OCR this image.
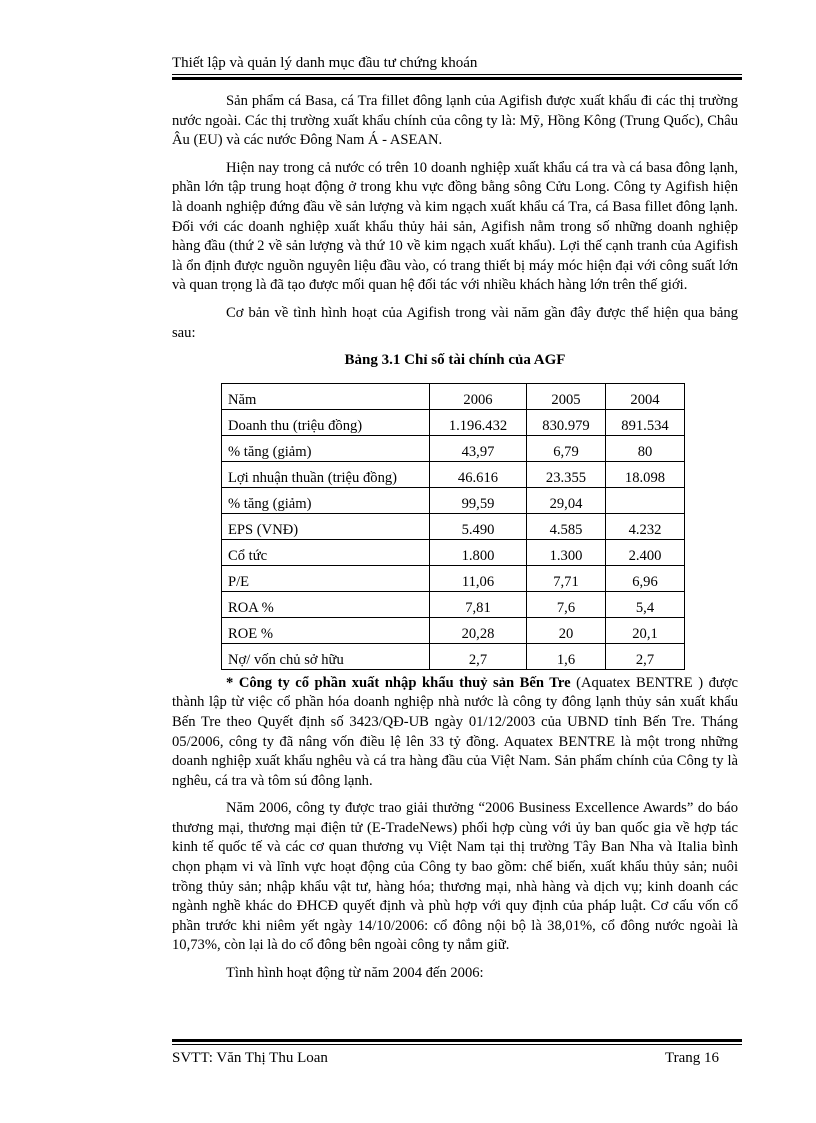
Thiết lập và quản lý danh mục đầu tư chứng khoán

Sản phẩm cá Basa, cá Tra fillet đông lạnh của Agifish được xuất khẩu đi các thị trường nước ngoài. Các thị trường xuất khẩu chính của công ty là: Mỹ, Hồng Kông (Trung Quốc), Châu Âu (EU) và các nước Đông Nam Á - ASEAN.

Hiện nay trong cả nước có trên 10 doanh nghiệp xuất khẩu cá tra và cá basa đông lạnh, phần lớn tập trung hoạt động ở trong khu vực đồng bằng sông Cửu Long. Công ty Agifish hiện là doanh nghiệp đứng đầu về sản lượng và kim ngạch xuất khẩu cá Tra, cá Basa fillet đông lạnh. Đối với các doanh nghiệp xuất khẩu thủy hải sản, Agifish nằm trong số những doanh nghiệp hàng đầu (thứ 2 về sản lượng và thứ 10 về kim ngạch xuất khẩu). Lợi thế cạnh tranh của Agifish là ổn định được nguồn nguyên liệu đầu vào, có trang thiết bị máy móc hiện đại với công suất lớn và quan trọng là đã tạo được mối quan hệ đối tác với nhiều khách hàng lớn trên thế giới.

Cơ bản về tình hình hoạt của Agifish trong vài năm gần đây được thể hiện qua bảng sau:

Bảng 3.1 Chỉ số tài chính của AGF
Năm	2006	2005	2004
Doanh thu (triệu đồng)	1.196.432	830.979	891.534
% tăng (giảm)	43,97	6,79	80
Lợi nhuận thuần (triệu đồng)	46.616	23.355	18.098
% tăng (giảm)	99,59	29,04	
EPS (VNĐ)	5.490	4.585	4.232
Cổ tức	1.800	1.300	2.400
P/E	11,06	7,71	6,96
ROA %	7,81	7,6	5,4
ROE %	20,28	20	20,1
Nợ/ vốn chủ sở hữu	2,7	1,6	2,7

* Công ty cổ phần xuất nhập khẩu thuỷ sản Bến Tre (Aquatex BENTRE ) được thành lập từ việc cổ phần hóa doanh nghiệp nhà nước là công ty đông lạnh thủy sản xuất khẩu Bến Tre theo Quyết định số 3423/QĐ-UB ngày 01/12/2003 của UBND tỉnh Bến Tre. Tháng 05/2006, công ty đã nâng vốn điều lệ lên 33 tỷ đồng. Aquatex BENTRE là một trong những doanh nghiệp xuất khẩu nghêu và cá tra hàng đầu của Việt Nam. Sản phẩm chính của Công ty là nghêu, cá tra và tôm sú đông lạnh.

Năm 2006, công ty được trao giải thưởng “2006 Business Excellence Awards” do báo thương mại, thương mại điện tử (E-TradeNews) phối hợp cùng với ủy ban quốc gia về hợp tác kinh tế quốc tế và các cơ quan thương vụ Việt Nam tại thị trường Tây Ban Nha và Italia bình chọn phạm vi và lĩnh vực hoạt động của Công ty bao gồm: chế biến, xuất khẩu thủy sản; nuôi trồng thủy sản; nhập khẩu vật tư, hàng hóa; thương mại, nhà hàng và dịch vụ; kinh doanh các ngành nghề khác do ĐHCĐ quyết định và phù hợp với quy định của pháp luật. Cơ cấu vốn cổ phần trước khi niêm yết ngày 14/10/2006: cổ đông nội bộ là 38,01%, cổ đông nước ngoài là 10,73%, còn lại là do cổ đông bên ngoài công ty nắm giữ.

Tình hình hoạt động từ năm 2004 đến 2006:

SVTT: Văn Thị Thu Loan	Trang 16
